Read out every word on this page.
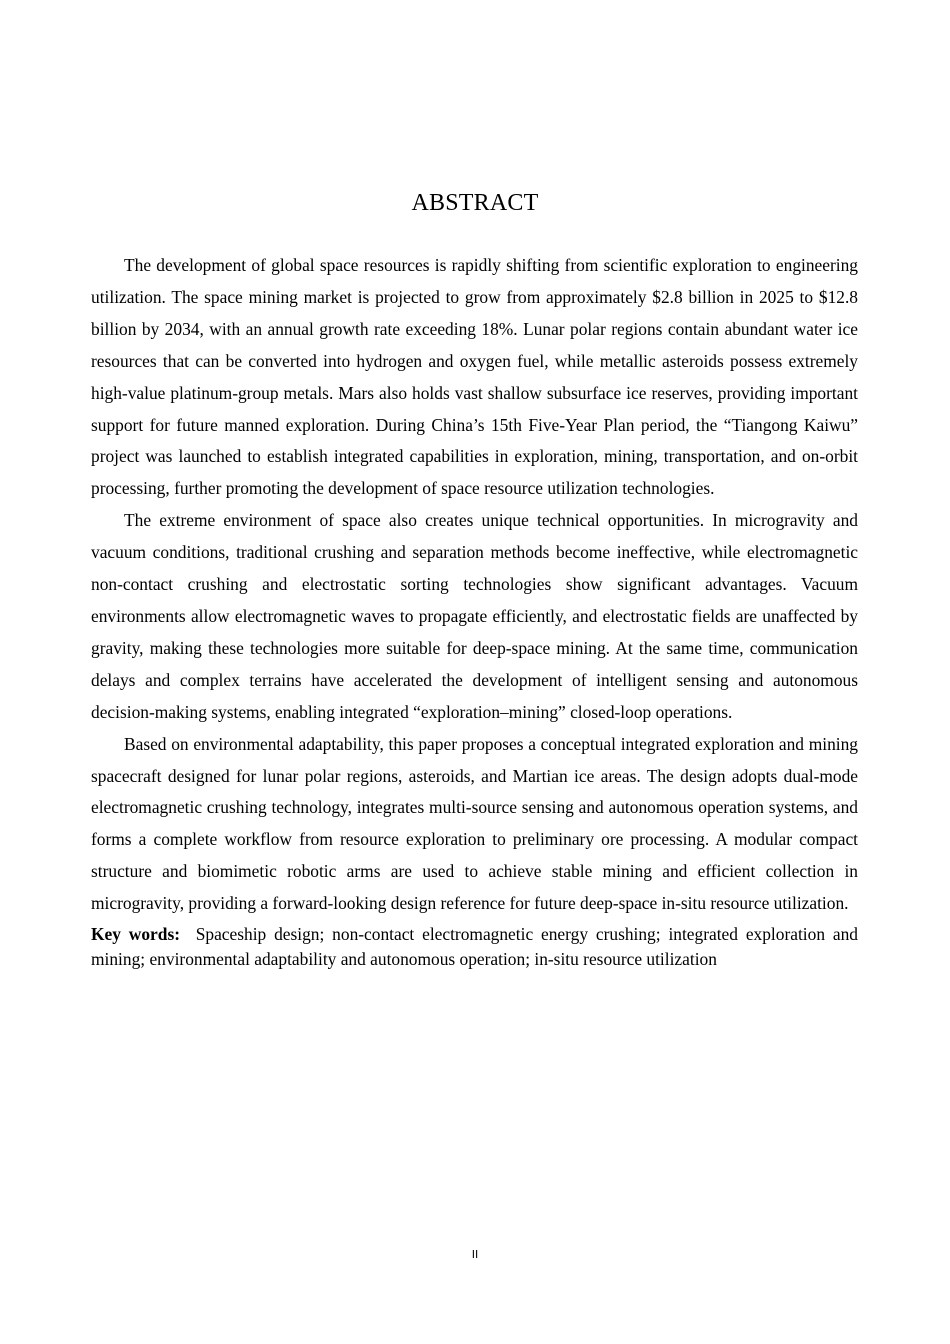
ABSTRACT

The development of global space resources is rapidly shifting from scientific exploration to engineering utilization. The space mining market is projected to grow from approximately $2.8 billion in 2025 to $12.8 billion by 2034, with an annual growth rate exceeding 18%. Lunar polar regions contain abundant water ice resources that can be converted into hydrogen and oxygen fuel, while metallic asteroids possess extremely high-value platinum-group metals. Mars also holds vast shallow subsurface ice reserves, providing important support for future manned exploration. During China’s 15th Five-Year Plan period, the “Tiangong Kaiwu” project was launched to establish integrated capabilities in exploration, mining, transportation, and on-orbit processing, further promoting the development of space resource utilization technologies.

The extreme environment of space also creates unique technical opportunities. In microgravity and vacuum conditions, traditional crushing and separation methods become ineffective, while electromagnetic non-contact crushing and electrostatic sorting technologies show significant advantages. Vacuum environments allow electromagnetic waves to propagate efficiently, and electrostatic fields are unaffected by gravity, making these technologies more suitable for deep-space mining. At the same time, communication delays and complex terrains have accelerated the development of intelligent sensing and autonomous decision-making systems, enabling integrated “exploration–mining” closed-loop operations.

Based on environmental adaptability, this paper proposes a conceptual integrated exploration and mining spacecraft designed for lunar polar regions, asteroids, and Martian ice areas. The design adopts dual-mode electromagnetic crushing technology, integrates multi-source sensing and autonomous operation systems, and forms a complete workflow from resource exploration to preliminary ore processing. A modular compact structure and biomimetic robotic arms are used to achieve stable mining and efficient collection in microgravity, providing a forward-looking design reference for future deep-space in-situ resource utilization.

Key words: Spaceship design; non-contact electromagnetic energy crushing; integrated exploration and mining; environmental adaptability and autonomous operation; in-situ resource utilization

II
